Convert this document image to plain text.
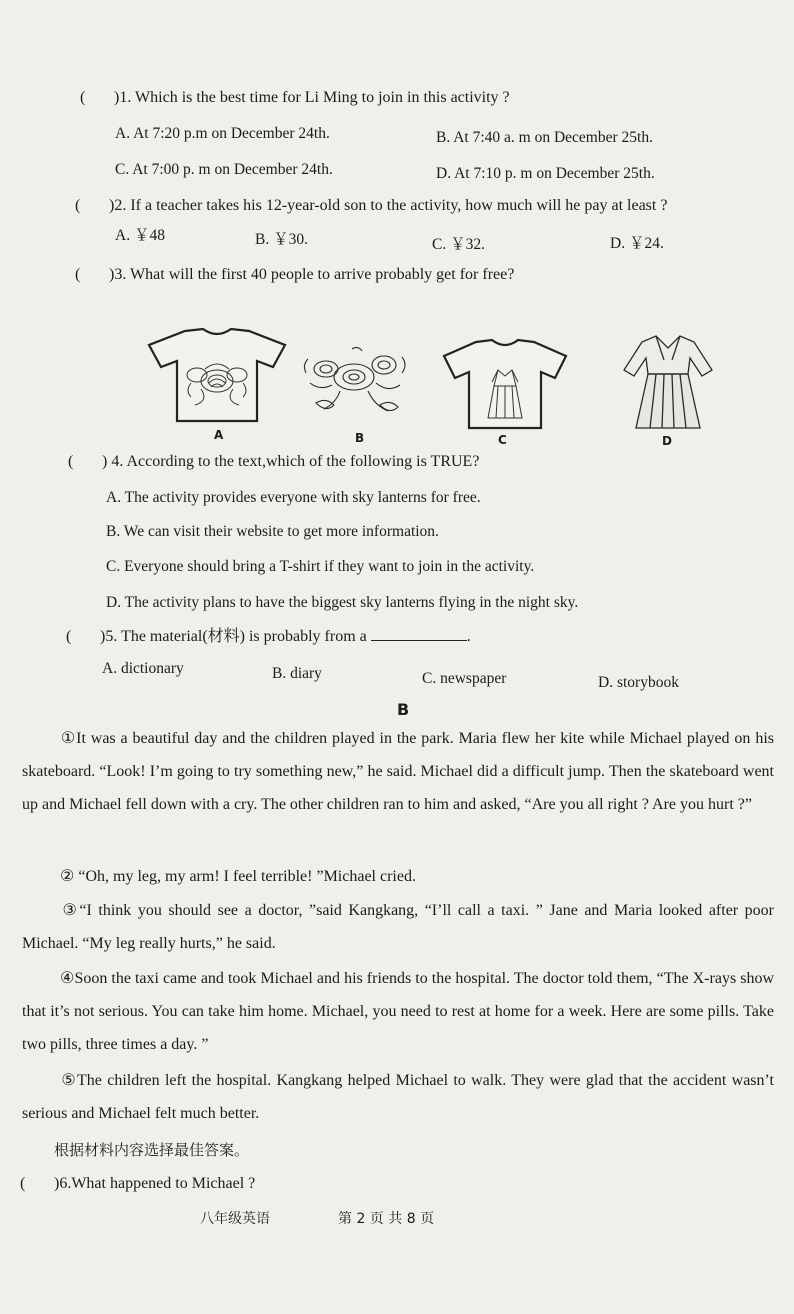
( )1. Which is the best time for Li Ming to join in this activity ?
A. At 7:20 p.m on December 24th.	B. At 7:40 a. m on December 25th.
C. At 7:00 p. m on December 24th.	D. At 7:10 p. m on December 25th.
( )2. If a teacher takes his 12-year-old son to the activity, how much will he pay at least ?
A. ￥48	B. ￥30.	C. ￥32.	D. ￥24.
( )3. What will the first 40 people to arrive probably get for free?
A	B	C	D
( ) 4. According to the text,which of the following is TRUE?
A. The activity provides everyone with sky lanterns for free.
B. We can visit their website to get more information.
C. Everyone should bring a T-shirt if they want to join in the activity.
D. The activity plans to have the biggest sky lanterns flying in the night sky.
( )5. The material(材料) is probably from a	.
A. dictionary	B. diary	C. newspaper	D. storybook
B
①It was a beautiful day and the children played in the park. Maria flew her kite while Michael played on his skateboard. “Look! I’m going to try something new,” he said. Michael did a difficult jump. Then the skateboard went up and Michael fell down with a cry. The other children ran to him and asked, “Are you all right ? Are you hurt ?”
② “Oh, my leg, my arm! I feel terrible! ”Michael cried.
③“I think you should see a doctor, ”said Kangkang, “I’ll call a taxi. ” Jane and Maria looked after poor Michael. “My leg really hurts,” he said.
④Soon the taxi came and took Michael and his friends to the hospital. The doctor told them, “The X-rays show that it’s not serious. You can take him home. Michael, you need to rest at home for a week. Here are some pills. Take two pills, three times a day. ”
⑤The children left the hospital. Kangkang helped Michael to walk. They were glad that the accident wasn’t serious and Michael felt much better.
根据材料内容选择最佳答案。
( )6.What happened to Michael ?
八年级英语	第 2 页 共 8 页
